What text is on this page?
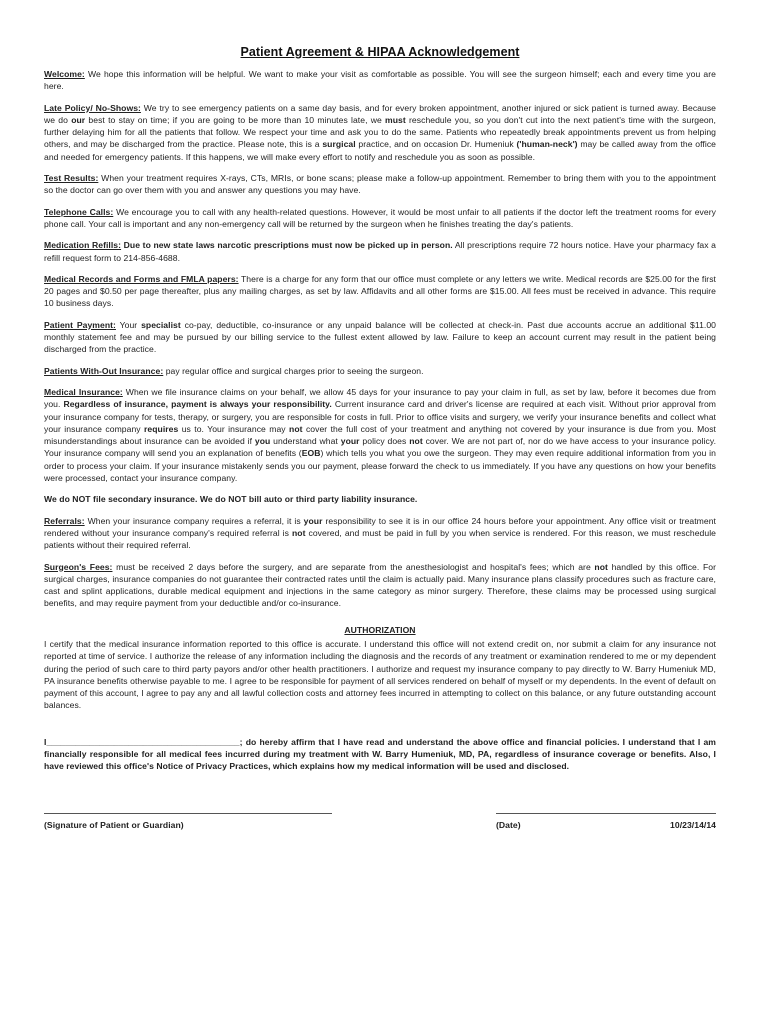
Patient Agreement & HIPAA Acknowledgement
Welcome: We hope this information will be helpful. We want to make your visit as comfortable as possible. You will see the surgeon himself; each and every time you are here.
Late Policy/ No-Shows: We try to see emergency patients on a same day basis, and for every broken appointment, another injured or sick patient is turned away. Because we do our best to stay on time; if you are going to be more than 10 minutes late, we must reschedule you, so you don't cut into the next patient's time with the surgeon, further delaying him for all the patients that follow. We respect your time and ask you to do the same. Patients who repeatedly break appointments prevent us from helping others, and may be discharged from the practice. Please note, this is a surgical practice, and on occasion Dr. Humeniuk ('human-neck') may be called away from the office and needed for emergency patients. If this happens, we will make every effort to notify and reschedule you as soon as possible.
Test Results: When your treatment requires X-rays, CTs, MRIs, or bone scans; please make a follow-up appointment. Remember to bring them with you to the appointment so the doctor can go over them with you and answer any questions you may have.
Telephone Calls: We encourage you to call with any health-related questions. However, it would be most unfair to all patients if the doctor left the treatment rooms for every phone call. Your call is important and any non-emergency call will be returned by the surgeon when he finishes treating the day's patients.
Medication Refills: Due to new state laws narcotic prescriptions must now be picked up in person. All prescriptions require 72 hours notice. Have your pharmacy fax a refill request form to 214-856-4688.
Medical Records and Forms and FMLA papers: There is a charge for any form that our office must complete or any letters we write. Medical records are $25.00 for the first 20 pages and $0.50 per page thereafter, plus any mailing charges, as set by law. Affidavits and all other forms are $15.00. All fees must be received in advance. This require 10 business days.
Patient Payment: Your specialist co-pay, deductible, co-insurance or any unpaid balance will be collected at check-in. Past due accounts accrue an additional $11.00 monthly statement fee and may be pursued by our billing service to the fullest extent allowed by law. Failure to keep an account current may result in the patient being discharged from the practice.
Patients With-Out Insurance: pay regular office and surgical charges prior to seeing the surgeon.
Medical Insurance: When we file insurance claims on your behalf, we allow 45 days for your insurance to pay your claim in full, as set by law, before it becomes due from you. Regardless of insurance, payment is always your responsibility. Current insurance card and driver's license are required at each visit. Without prior approval from your insurance company for tests, therapy, or surgery, you are responsible for costs in full. Prior to office visits and surgery, we verify your insurance benefits and collect what your insurance company requires us to. Your insurance may not cover the full cost of your treatment and anything not covered by your insurance is due from you. Most misunderstandings about insurance can be avoided if you understand what your policy does not cover. We are not part of, nor do we have access to your insurance policy. Your insurance company will send you an explanation of benefits (EOB) which tells you what you owe the surgeon. They may even require additional information from you in order to process your claim. If your insurance mistakenly sends you our payment, please forward the check to us immediately. If you have any questions on how your benefits were processed, contact your insurance company.
We do NOT file secondary insurance. We do NOT bill auto or third party liability insurance.
Referrals: When your insurance company requires a referral, it is your responsibility to see it is in our office 24 hours before your appointment. Any office visit or treatment rendered without your insurance company's required referral is not covered, and must be paid in full by you when service is rendered. For this reason, we must reschedule patients without their required referral.
Surgeon's Fees: must be received 2 days before the surgery, and are separate from the anesthesiologist and hospital's fees; which are not handled by this office. For surgical charges, insurance companies do not guarantee their contracted rates until the claim is actually paid. Many insurance plans classify procedures such as fracture care, cast and splint applications, durable medical equipment and injections in the same category as minor surgery. Therefore, these claims may be processed using surgical benefits, and may require payment from your deductible and/or co-insurance.
AUTHORIZATION
I certify that the medical insurance information reported to this office is accurate. I understand this office will not extend credit on, nor submit a claim for any insurance not reported at time of service. I authorize the release of any information including the diagnosis and the records of any treatment or examination rendered to me or my dependent during the period of such care to third party payors and/or other health practitioners. I authorize and request my insurance company to pay directly to W. Barry Humeniuk MD, PA insurance benefits otherwise payable to me. I agree to be responsible for payment of all services rendered on behalf of myself or my dependents. In the event of default on payment of this account, I agree to pay any and all lawful collection costs and attorney fees incurred in attempting to collect on this balance, or any future outstanding account balances.
I________________________________________; do hereby affirm that I have read and understand the above office and financial policies. I understand that I am financially responsible for all medical fees incurred during my treatment with W. Barry Humeniuk, MD, PA, regardless of insurance coverage or benefits. Also, I have reviewed this office's Notice of Privacy Practices, which explains how my medical information will be used and disclosed.
(Signature of Patient or Guardian)	(Date)	10/23/14/14
